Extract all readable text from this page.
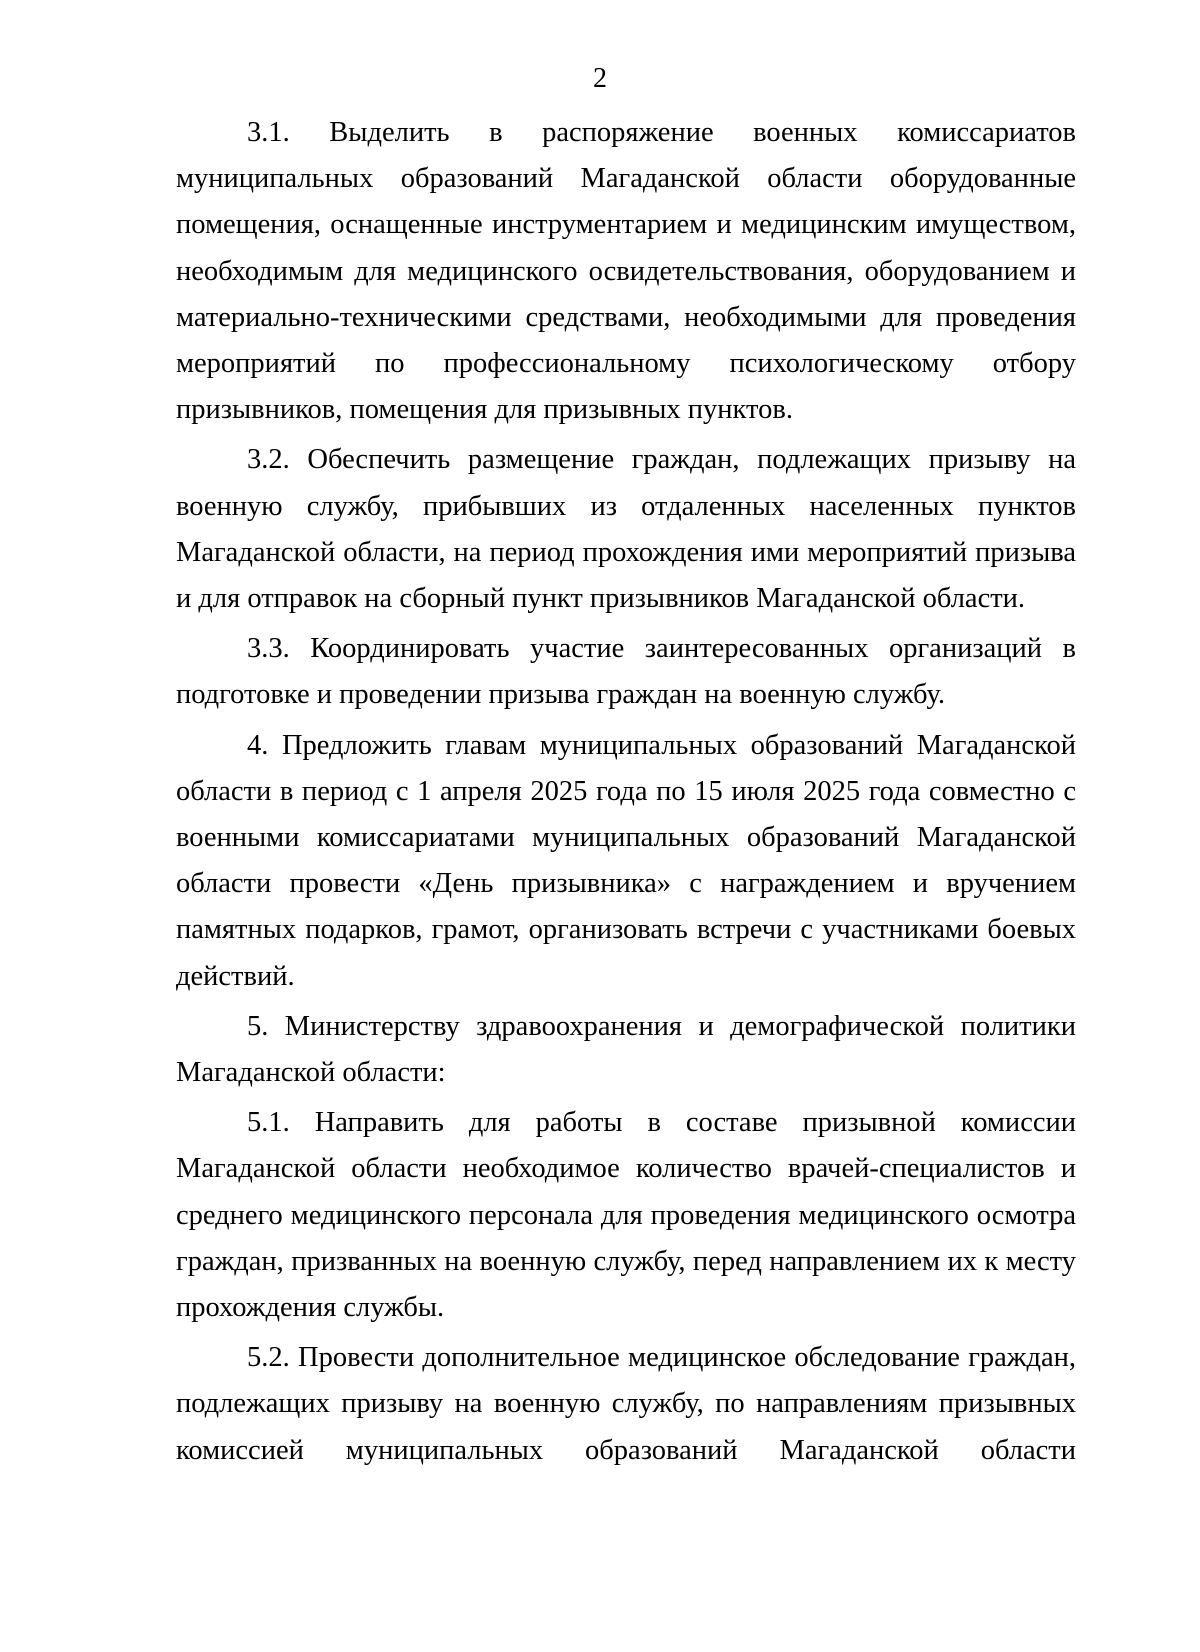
2

3.1. Выделить в распоряжение военных комиссариатов муниципальных образований Магаданской области оборудованные помещения, оснащенные инструментарием и медицинским имуществом, необходимым для медицинского освидетельствования, оборудованием и материально-техническими средствами, необходимыми для проведения мероприятий по профессиональному психологическому отбору призывников, помещения для призывных пунктов.

3.2. Обеспечить размещение граждан, подлежащих призыву на военную службу, прибывших из отдаленных населенных пунктов Магаданской области, на период прохождения ими мероприятий призыва и для отправок на сборный пункт призывников Магаданской области.

3.3. Координировать участие заинтересованных организаций в подготовке и проведении призыва граждан на военную службу.

4. Предложить главам муниципальных образований Магаданской области в период с 1 апреля 2025 года по 15 июля 2025 года совместно с военными комиссариатами муниципальных образований Магаданской области провести «День призывника» с награждением и вручением памятных подарков, грамот, организовать встречи с участниками боевых действий.

5. Министерству здравоохранения и демографической политики Магаданской области:

5.1. Направить для работы в составе призывной комиссии Магаданской области необходимое количество врачей-специалистов и среднего медицинского персонала для проведения медицинского осмотра граждан, призванных на военную службу, перед направлением их к месту прохождения службы.

5.2. Провести дополнительное медицинское обследование граждан, подлежащих призыву на военную службу, по направлениям призывных комиссией муниципальных образований Магаданской области
